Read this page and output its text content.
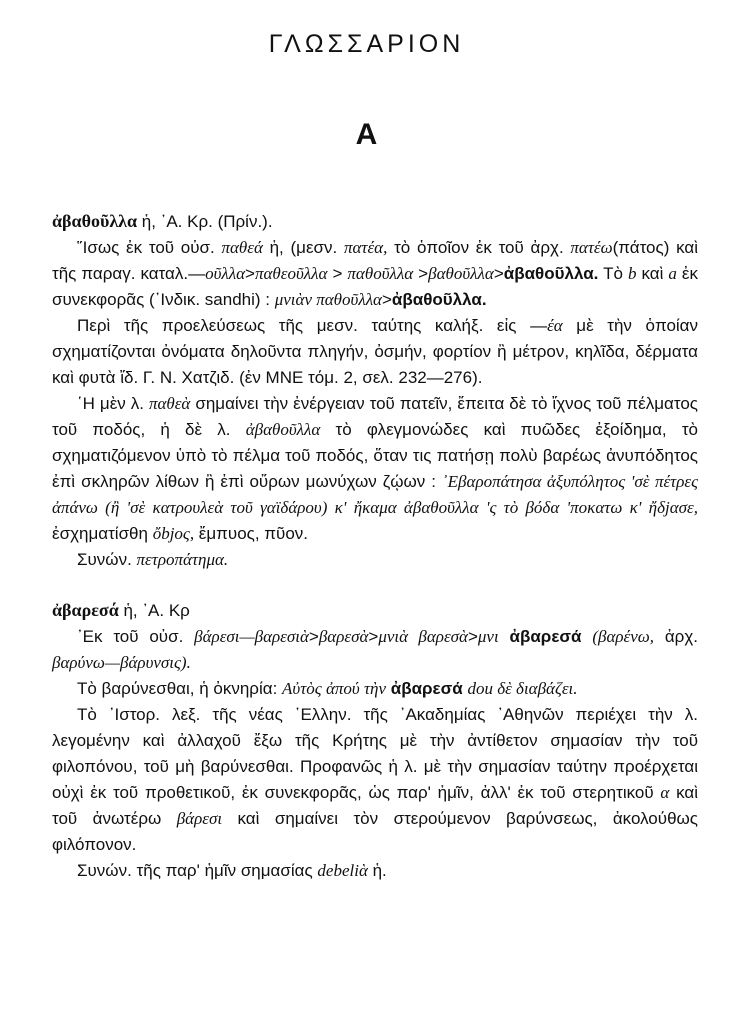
ΓΛΩΣΣΑΡΙΟΝ
Α
ἀβαθοῦλλα ἡ, ᾿Α. Κρ. (Πρίν.).

῞Ισως ἐκ τοῦ οὐσ. παθεά ἡ, (μεσν. πατέα, τὸ ὁποῖον ἐκ τοῦ ἀρχ. πατέω(πάτος) καὶ τῆς παραγ. καταλ.—οῦλλα>παθεοῦλλα > παθοῦλλα >βαθοῦλλα>ἀβαθοῦλλα. Τὸ b καὶ a ἐκ συνεκφορᾶς (᾿Ινδικ. sandhi) : μνιὰν παθοῦλλα>ἀβαθοῦλλα.

Περὶ τῆς προελεύσεως τῆς μεσν. ταύτης καλήξ. εἰς —έα μὲ τὴν ὁποίαν σχηματίζονται ὀνόματα δηλοῦντα πληγήν, ὀσμήν, φορτίον ἢ μέτρον, κηλῖδα, δέρματα καὶ φυτὰ ἴδ. Γ. Ν. Χατζιδ. (ἐν ΜΝΕ τόμ. 2, σελ. 232—276).

῾Η μὲν λ. παθεὰ σημαίνει τὴν ἐνέργειαν τοῦ πατεῖν, ἔπειτα δὲ τὸ ἴχνος τοῦ πέλματος τοῦ ποδός, ἡ δὲ λ. ἀβαθοῦλλα τὸ φλεγμονώδες καὶ πυῶδες ἐξοίδημα, τὸ σχηματιζόμενον ὑπὸ τὸ πέλμα τοῦ ποδός, ὅταν τις πατήσῃ πολὺ βαρέως ἀνυπόδητος ἐπὶ σκληρῶν λίθων ἢ ἐπὶ οὔρων μωνύχων ζῴων : ᾿Εβαροπάτησα ἀξυπόλητος 'σὲ πέτρες ἀπάνω (ἢ 'σὲ κατρουλεὰ τοῦ γαϊδάρου) κ' ἤκαμα ἀβαθοῦλλα 'ς τὸ βόδα 'ποκατω κ' ἤδjασε, ἐσχηματίσθη ὄbjος, ἔμπυος, πῦον.

Συνών. πετροπάτημα.

ἀβαρεσά ἡ, ᾿Α. Κρ

᾿Εκ τοῦ οὐσ. βάρεσι—βαρεσιὰ>βαρεσὰ>μνιὰ βαρεσὰ>μνι ἀβαρεσά (βαρένω, ἀρχ. βαρύνω—βάρυνσις).

Τὸ βαρύνεσθαι, ἡ ὀκνηρία: Αὐτὸς ἀπού τὴν ἀβαρεσά dou δὲ διαβάζει.

Τὸ ᾿Ιστορ. λεξ. τῆς νέας ῾Ελλην. τῆς ᾿Ακαδημίας ᾿Αθηνῶν περιέχει τὴν λ. λεγομένην καὶ ἀλλαχοῦ ἔξω τῆς Κρήτης μὲ τὴν ἀντίθετον σημασίαν τὴν τοῦ φιλοπόνου, τοῦ μὴ βαρύνεσθαι. Προφανῶς ἡ λ. μὲ τὴν σημασίαν ταύτην προέρχεται οὐχὶ ἐκ τοῦ προθετικοῦ, ἐκ συνεκφορᾶς, ὡς παρ' ἡμῖν, ἀλλ' ἐκ τοῦ στερητικοῦ α καὶ τοῦ ἀνωτέρω βάρεσι καὶ σημαίνει τὸν στερούμενον βαρύνσεως, ἀκολούθως φιλόπονον.

Συνών. τῆς παρ' ἡμῖν σημασίας debeliὰ ἡ.
